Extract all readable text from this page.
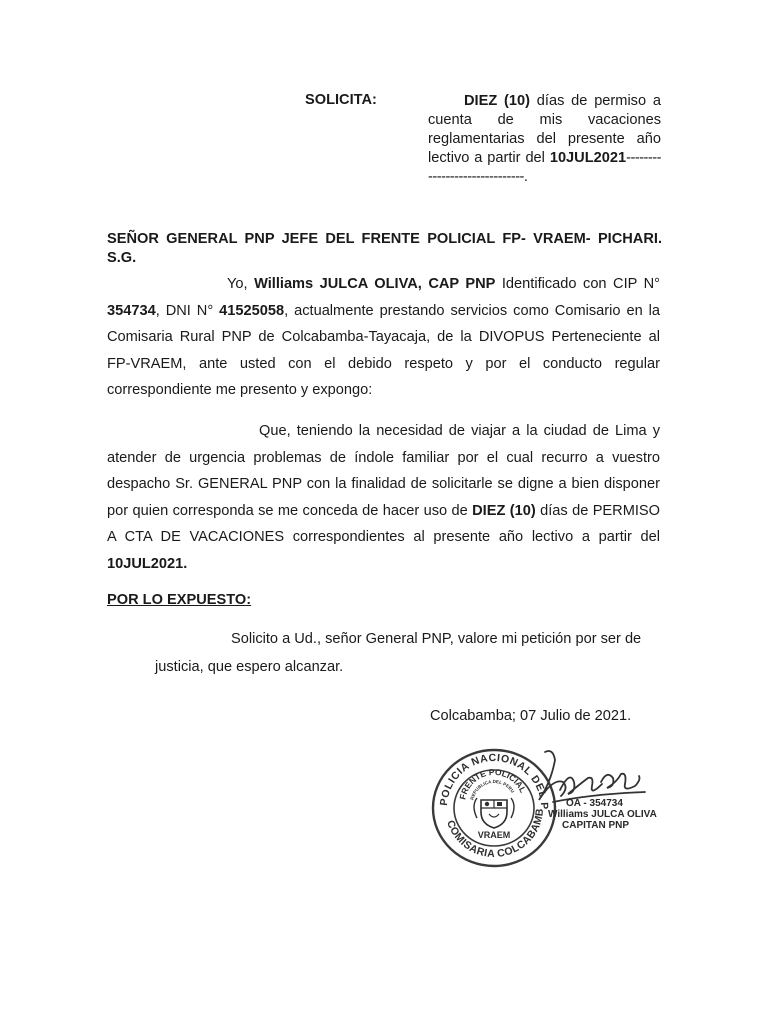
SOLICITA:	DIEZ (10) días de permiso a cuenta de mis vacaciones reglamentarias del presente año lectivo a partir del 10JUL2021------------------------------.
SEÑOR GENERAL PNP JEFE DEL FRENTE POLICIAL FP- VRAEM- PICHARI. S.G.
Yo, Williams JULCA OLIVA, CAP PNP Identificado con CIP N° 354734, DNI N° 41525058, actualmente prestando servicios como Comisario en la Comisaria Rural PNP de Colcabamba-Tayacaja, de la DIVOPUS Perteneciente al FP-VRAEM, ante usted con el debido respeto y por el conducto regular correspondiente me presento y expongo:
Que, teniendo la necesidad de viajar a la ciudad de Lima y atender de urgencia problemas de índole familiar por el cual recurro a vuestro despacho Sr. GENERAL PNP con la finalidad de solicitarle se digne a bien disponer por quien corresponda se me conceda de hacer uso de DIEZ (10) días de PERMISO A CTA DE VACACIONES correspondientes al presente año lectivo a partir del 10JUL2021.
POR LO EXPUESTO:
Solicito a Ud., señor General PNP, valore mi petición por ser de justicia, que espero alcanzar.
Colcabamba; 07 Julio de 2021.
POLICIA NACIONAL DEL P
COMISARIA COLCABAMB
FRENTE POLICIAL
REPUBLICA DEL PERU
VRAEM
OA - 354734
Williams JULCA OLIVA
CAPITAN PNP
